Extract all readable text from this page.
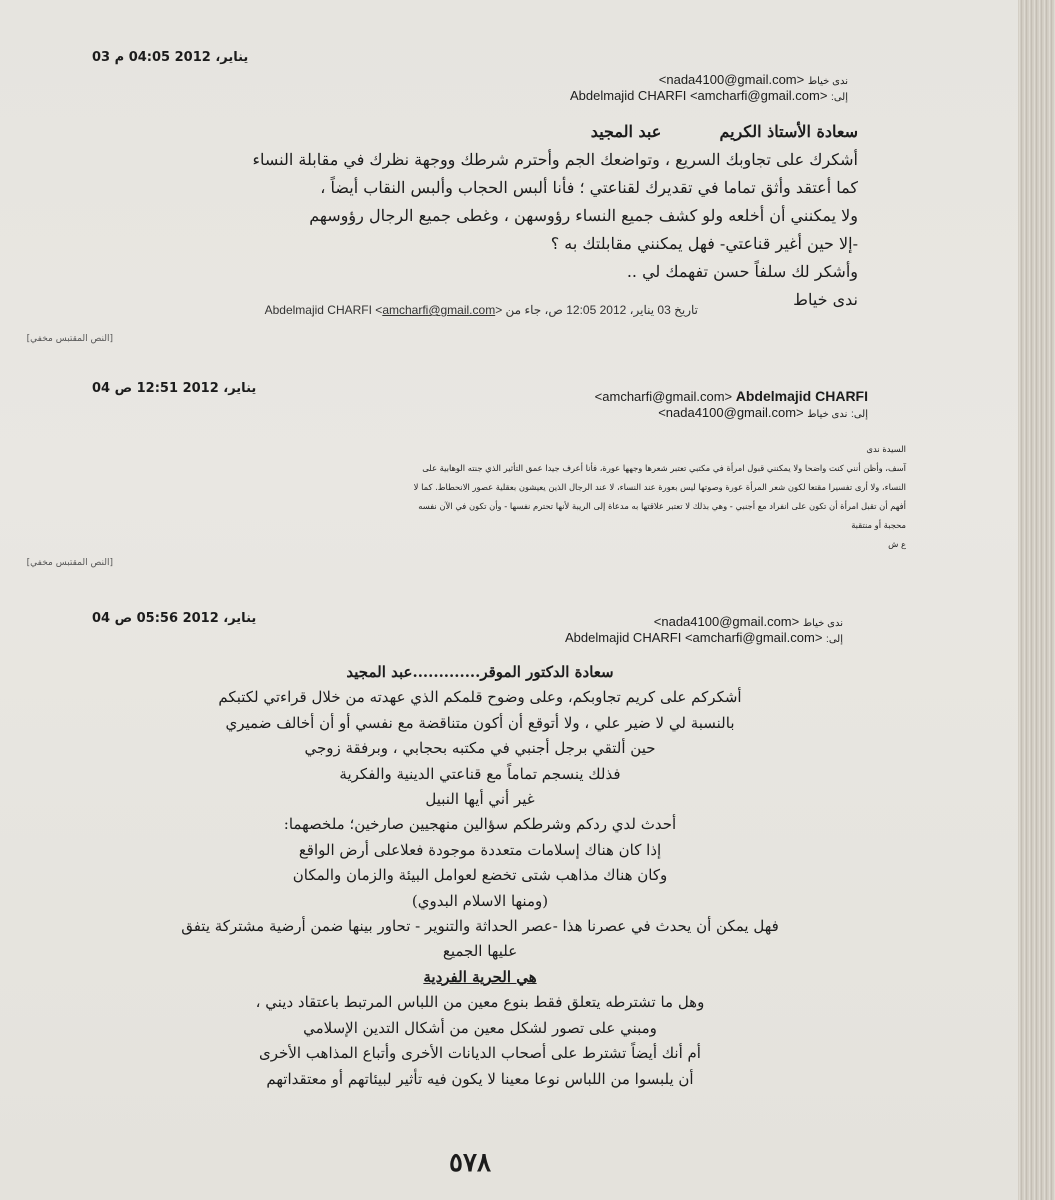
03 يناير، 2012 04:05 م
ندى خياط <nada4100@gmail.com>
إلى: Abdelmajid CHARFI <amcharfi@gmail.com>
سعادة الأستاذ الكريم  عبد المجيد
أشكرك على تجاوبك السريع ، وتواضعك الجم وأحترم شرطك ووجهة نظرك في مقابلة النساء
كما أعتقد وأثق تماما في تقديرك لقناعتي ؛ فأنا ألبس الحجاب وألبس النقاب أيضاً ،
ولا يمكنني أن أخلعه ولو كشف جميع النساء رؤوسهن ، وغطى جميع الرجال رؤوسهم
-إلا حين أغير قناعتي- فهل يمكنني مقابلتك به ؟
وأشكر لك سلفاً حسن تفهمك لي ..
ندى خياط
تاريخ 03 يناير، 2012 12:05 ص، جاء من Abdelmajid CHARFI <amcharfi@gmail.com>
[النص المقتبس مخفي]
04 يناير، 2012 12:51 ص
<amcharfi@gmail.com> Abdelmajid CHARFI
إلى: ندى خياط <nada4100@gmail.com>
السيدة ندى
آسف، وأظن أنني كنت واضحا ولا يمكنني قبول امرأة في مكتبي تعتبر شعرها وجهها عورة، فأنا أعرف جيدا عمق التأثير الذي جنته الوهابية على
النساء، ولا أرى تفسيرا مقنعا لكون شعر المرأة عورة وصوتها ليس بعورة عند النساء، لا عند الرجال الذين يعيشون بعقلية عصور الانحطاط. كما لا
أفهم أن تقبل امرأة أن تكون على انفراد مع أجنبي - وهي بذلك لا تعتبر علاقتها به مدعاة إلى الريبة لأنها تحترم نفسها - وأن تكون في الآن نفسه
محجبة أو منتقبة
ع ش
[النص المقتبس مخفي]
04 يناير، 2012 05:56 ص	ندى خياط <nada4100@gmail.com>
إلى: Abdelmajid CHARFI <amcharfi@gmail.com>
سعادة الدكتور الموقر.............عبد المجيد
أشكركم على كريم تجاوبكم، وعلى وضوح قلمكم الذي عهدته من خلال قراءتي لكتبكم
بالنسبة لي لا ضير علي ، ولا أتوقع أن أكون متناقضة مع نفسي أو أن أخالف ضميري
حين ألتقي برجل أجنبي في مكتبه بحجابي ، وبرفقة زوجي
فذلك ينسجم تماماً مع قناعتي الدينية والفكرية
غير أني أيها النبيل
أحدث لدي ردكم وشرطكم سؤالين منهجيين صارخين؛ ملخصهما:
إذا كان هناك إسلامات متعددة موجودة فعلاعلى أرض الواقع
وكان هناك مذاهب شتى تخضع لعوامل البيئة والزمان والمكان
(ومنها الاسلام البدوي)
فهل يمكن أن يحدث في عصرنا هذا -عصر الحداثة والتنوير - تحاور بينها ضمن أرضية مشتركة يتفق
عليها الجميع
هي الحرية الفردية
وهل ما تشترطه يتعلق فقط بنوع معين من اللباس المرتبط باعتقاد ديني ،
ومبني على تصور لشكل معين من أشكال التدين الإسلامي
أم أنك أيضاً تشترط على أصحاب الديانات الأخرى وأتباع المذاهب الأخرى
أن يلبسوا من اللباس نوعا معينا لا يكون فيه تأثير لبيئاتهم أو معتقداتهم
٥٧٨
